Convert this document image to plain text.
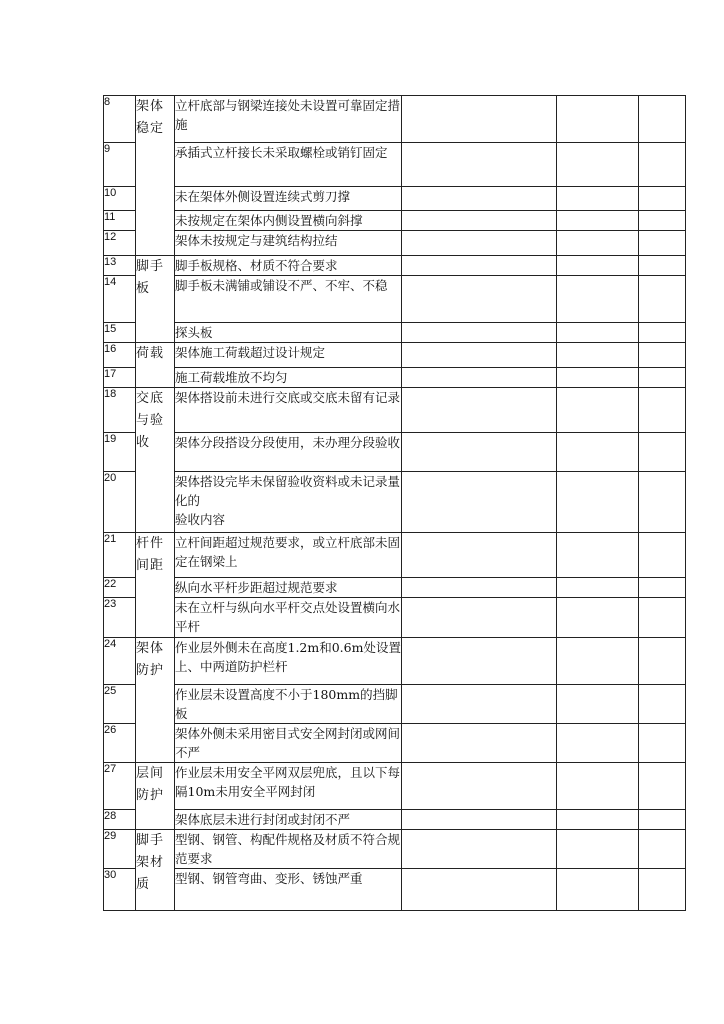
8	架体稳定	立杆底部与钢梁连接处未设置可靠固定措施			
9		承插式立杆接长未采取螺栓或销钉固定			
10		未在架体外侧设置连续式剪刀撑			
11		未按规定在架体内侧设置横向斜撑			
12		架体未按规定与建筑结构拉结			
13	脚手板	脚手板规格、材质不符合要求			
14		脚手板未满铺或铺设不严、不牢、不稳			
15		探头板			
16	荷载	架体施工荷载超过设计规定			
17		施工荷载堆放不均匀			
18	交底与验收	架体搭设前未进行交底或交底未留有记录			
19		架体分段搭设分段使用，未办理分段验收			
20		架体搭设完毕未保留验收资料或未记录量化的
验收内容			

21	杆件间距	立杆间距超过规范要求，或立杆底部未固定在钢梁上			
22		纵向水平杆步距超过规范要求			
23		未在立杆与纵向水平杆交点处设置横向水平杆			
24	架体防护	作业层外侧未在高度1.2m和0.6m处设置上、中两道防护栏杆			
25		作业层未设置高度不小于180mm的挡脚板			
26		架体外侧未采用密目式安全网封闭或网间不严			
27	层间防护	作业层未用安全平网双层兜底，且以下每隔10m未用安全平网封闭			
28		架体底层未进行封闭或封闭不严			
29	脚手架材质	型钢、钢管、构配件规格及材质不符合规范要求			
30		型钢、钢管弯曲、变形、锈蚀严重			
